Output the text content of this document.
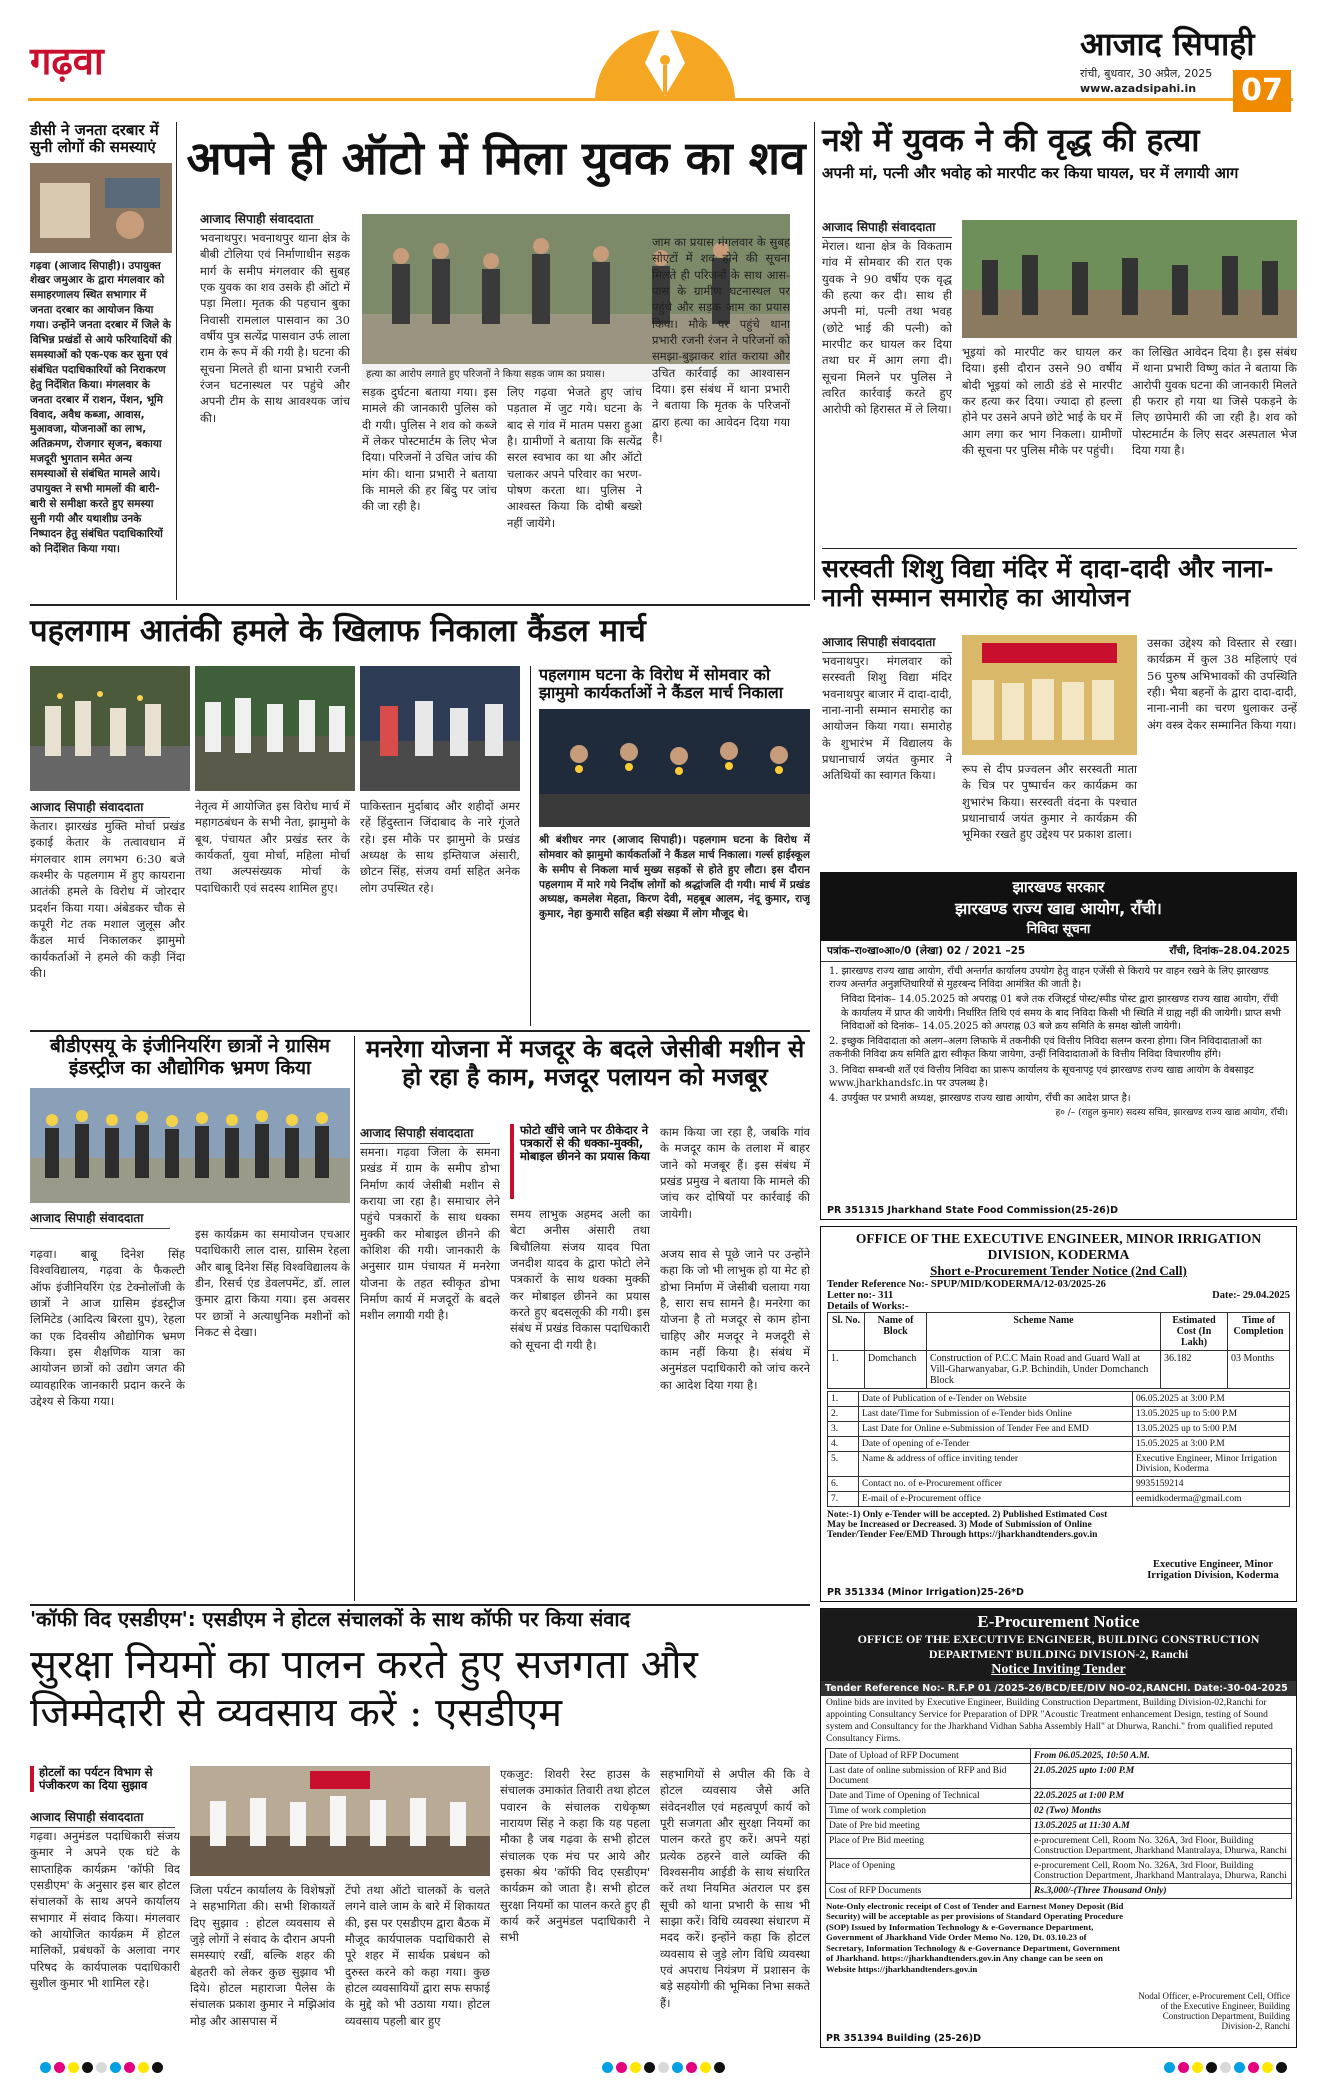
गढ़वा	आजाद सिपाही
रांची, बुधवार, 30 अप्रैल, 2025
www.azadsipahi.in 07
डीसी ने जनता दरबार में सुनी लोगों की समस्याएं
गढ़वा (आजाद सिपाही)। उपायुक्त शेखर जमुआर के द्वारा मंगलवार को समाहरणालय स्थित सभागार में जनता दरबार का आयोजन किया गया। उन्होंने जनता दरबार में जिले के विभिन्न प्रखंडों से आये फरियादियों की समस्याओं को एक-एक कर सुना एवं संबंधित पदाधिकारियों को निराकरण हेतु निर्देशित किया। मंगलवार के जनता दरबार में राशन, पेंशन, भूमि विवाद, अवैध कब्जा, आवास, मुआवजा, योजनाओं का लाभ, अतिक्रमण, रोजगार सृजन, बकाया मजदूरी भुगतान समेत अन्य समस्याओं से संबंधित मामले आये। उपायुक्त ने सभी मामलों की बारी-बारी से समीक्षा करते हुए समस्या सुनी गयी और यथाशीघ्र उनके निष्पादन हेतु संबंधित पदाधिकारियों को निर्देशित किया गया।
अपने ही ऑटो में मिला युवक का शव
आजाद सिपाही संवाददाता
भवनाथपुर। भवनाथपुर थाना क्षेत्र के बीबी टोलिया एवं निर्माणाधीन सड़क मार्ग के समीप मंगलवार की सुबह एक युवक का शव उसके ही ऑटो में पड़ा मिला। मृतक की पहचान बुका निवासी रामलाल पासवान का 30 वर्षीय पुत्र सत्येंद्र पासवान उर्फ लाला राम के रूप में की गयी है। घटना की सूचना मिलते ही थाना प्रभारी रजनी रंजन घटनास्थल पर पहुंचे और अपनी टीम के साथ आवश्यक जांच की।
हत्या का आरोप लगाते हुए परिजनों ने किया सड़क जाम का प्रयास।
सड़क दुर्घटना बताया गया। इस मामले की जानकारी पुलिस को दी गयी। पुलिस ने शव को कब्जे में लेकर पोस्टमार्टम के लिए भेज दिया। परिजनों ने उचित जांच की मांग की। थाना प्रभारी ने बताया कि मामले की हर बिंदु पर जांच की जा रही है।
लिए गढ़वा भेजते हुए जांच पड़ताल में जुट गये। घटना के बाद से गांव में मातम पसरा हुआ है। ग्रामीणों ने बताया कि सत्येंद्र सरल स्वभाव का था और ऑटो चलाकर अपने परिवार का भरण-पोषण करता था। पुलिस ने आश्वस्त किया कि दोषी बख्शे नहीं जायेंगे।
जाम का प्रयास मंगलवार के सुबह सोएटों में शव होने की सूचना मिलते ही परिजनों के साथ आस-पास के ग्रामीण घटनास्थल पर पहुंचे और सड़क जाम का प्रयास किया। मौके पर पहुंचे थाना प्रभारी रजनी रंजन ने परिजनों को समझा-बुझाकर शांत कराया और उचित कार्रवाई का आश्वासन दिया। इस संबंध में थाना प्रभारी ने बताया कि मृतक के परिजनों द्वारा हत्या का आवेदन दिया गया है।
नशे में युवक ने की वृद्ध की हत्या
अपनी मां, पत्नी और भवोह को मारपीट कर किया घायल, घर में लगायी आग
आजाद सिपाही संवाददाता
मेराल। थाना क्षेत्र के विकताम गांव में सोमवार की रात एक युवक ने 90 वर्षीय एक वृद्ध की हत्या कर दी। साथ ही अपनी मां, पत्नी तथा भवह (छोटे भाई की पत्नी) को मारपीट कर घायल कर दिया तथा घर में आग लगा दी। सूचना मिलने पर पुलिस ने त्वरित कार्रवाई करते हुए आरोपी को हिरासत में ले लिया।
भूइयां को मारपीट कर घायल कर दिया। इसी दौरान उसने 90 वर्षीय बोदी भूइयां को लाठी डंडे से मारपीट कर हत्या कर दिया। ज्यादा हो हल्ला होने पर उसने अपने छोटे भाई के घर में आग लगा कर भाग निकला। ग्रामीणों की सूचना पर पुलिस मौके पर पहुंची।
का लिखित आवेदन दिया है। इस संबंध में थाना प्रभारी विष्णु कांत ने बताया कि आरोपी युवक घटना की जानकारी मिलते ही फरार हो गया था जिसे पकड़ने के लिए छापेमारी की जा रही है। शव को पोस्टमार्टम के लिए सदर अस्पताल भेज दिया गया है।
सरस्वती शिशु विद्या मंदिर में दादा-दादी और नाना-नानी सम्मान समारोह का आयोजन
आजाद सिपाही संवाददाता
भवनाथपुर। मंगलवार को सरस्वती शिशु विद्या मंदिर भवनाथपुर बाजार में दादा-दादी, नाना-नानी सम्मान समारोह का आयोजन किया गया। समारोह के शुभारंभ में विद्यालय के प्रधानाचार्य जयंत कुमार ने अतिथियों का स्वागत किया।	रूप से दीप प्रज्वलन और सरस्वती माता के चित्र पर पुष्पार्चन कर कार्यक्रम का शुभारंभ किया। सरस्वती वंदना के पश्चात प्रधानाचार्य जयंत कुमार ने कार्यक्रम की भूमिका रखते हुए उद्देश्य पर प्रकाश डाला।
उसका उद्देश्य को विस्तार से रखा। कार्यक्रम में कुल 38 महिलाएं एवं 56 पुरुष अभिभावकों की उपस्थिति रही। भैया बहनों के द्वारा दादा-दादी, नाना-नानी का चरण धुलाकर उन्हें अंग वस्त्र देकर सम्मानित किया गया।
पहलगाम आतंकी हमले के खिलाफ निकाला कैंडल मार्च
आजाद सिपाही संवाददाता
केतार। झारखंड मुक्ति मोर्चा प्रखंड इकाई केतार के तत्वावधान में मंगलवार शाम लगभग 6:30 बजे कश्मीर के पहलगाम में हुए कायराना आतंकी हमले के विरोध में जोरदार प्रदर्शन किया गया। अंबेडकर चौक से कपूरी गेट तक मशाल जुलूस और कैंडल मार्च निकालकर झामुमो कार्यकर्ताओं ने हमले की कड़ी निंदा की।
नेतृत्व में आयोजित इस विरोध मार्च में महागठबंधन के सभी नेता, झामुमो के बूथ, पंचायत और प्रखंड स्तर के कार्यकर्ता, युवा मोर्चा, महिला मोर्चा तथा अल्पसंख्यक मोर्चा के पदाधिकारी एवं सदस्य शामिल हुए।
पाकिस्तान मुर्दाबाद और शहीदों अमर रहें हिंदुस्तान जिंदाबाद के नारे गूंजते रहे। इस मौके पर झामुमो के प्रखंड अध्यक्ष के साथ इम्तियाज अंसारी, छोटन सिंह, संजय वर्मा सहित अनेक लोग उपस्थित रहे।
पहलगाम घटना के विरोध में सोमवार को झामुमो कार्यकर्ताओं ने कैंडल मार्च निकाला
श्री बंशीधर नगर (आजाद सिपाही)। पहलगाम घटना के विरोध में सोमवार को झामुमो कार्यकर्ताओं ने कैंडल मार्च निकाला। गर्ल्स हाईस्कूल के समीप से निकला मार्च मुख्य सड़कों से होते हुए लौटा। इस दौरान पहलगाम में मारे गये निर्दोष लोगों को श्रद्धांजलि दी गयी। मार्च में प्रखंड अध्यक्ष, कमलेश मेहता, किरण देवी, महबूब आलम, नंदू कुमार, राजू कुमार, नेहा कुमारी सहित बड़ी संख्या में लोग मौजूद थे।
बीडीएसयू के इंजीनियरिंग छात्रों ने ग्रासिम इंडस्ट्रीज का औद्योगिक भ्रमण किया
आजाद सिपाही संवाददाता
गढ़वा। बाबू दिनेश सिंह विश्वविद्यालय, गढ़वा के फैकल्टी ऑफ इंजीनियरिंग एंड टेक्नोलॉजी के छात्रों ने आज ग्रासिम इंडस्ट्रीज लिमिटेड (आदित्य बिरला ग्रुप), रेहला का एक दिवसीय औद्योगिक भ्रमण किया। इस शैक्षणिक यात्रा का आयोजन छात्रों को उद्योग जगत की व्यावहारिक जानकारी प्रदान करने के उद्देश्य से किया गया।
इस कार्यक्रम का समायोजन एचआर पदाधिकारी लाल दास, ग्रासिम रेहला और बाबू दिनेश सिंह विश्वविद्यालय के डीन, रिसर्च एंड डेवलपमेंट, डॉ. लाल कुमार द्वारा किया गया। इस अवसर पर छात्रों ने अत्याधुनिक मशीनों को निकट से देखा।
मनरेगा योजना में मजदूर के बदले जेसीबी मशीन से हो रहा है काम, मजदूर पलायन को मजबूर
आजाद सिपाही संवाददाता
समना। गढ़वा जिला के समना प्रखंड में ग्राम के समीप डोभा निर्माण कार्य जेसीबी मशीन से कराया जा रहा है। समाचार लेने पहुंचे पत्रकारों के साथ धक्का मुक्की कर मोबाइल छीनने की कोशिश की गयी। जानकारी के अनुसार ग्राम पंचायत में मनरेगा योजना के तहत स्वीकृत डोभा निर्माण कार्य में मजदूरों के बदले मशीन लगायी गयी है।
फोटो खींचे जाने पर ठीकेदार ने पत्रकारों से की धक्का-मुक्की, मोबाइल छीनने का प्रयास किया
समय लाभुक अहमद अली का बेटा अनीस अंसारी तथा बिचौलिया संजय यादव पिता जनदीश यादव के द्वारा फोटो लेने पत्रकारों के साथ धक्का मुक्की कर मोबाइल छीनने का प्रयास करते हुए बदसलूकी की गयी। इस संबंध में प्रखंड विकास पदाधिकारी को सूचना दी गयी है।
काम किया जा रहा है, जबकि गांव के मजदूर काम के तलाश में बाहर जाने को मजबूर हैं। इस संबंध में प्रखंड प्रमुख ने बताया कि मामले की जांच कर दोषियों पर कार्रवाई की जायेगी।
अजय साव से पूछे जाने पर उन्होंने कहा कि जो भी लाभुक हो या मेट हो डोभा निर्माण में जेसीबी चलाया गया है, सारा सच सामने है। मनरेगा का योजना है तो मजदूर से काम होना चाहिए और मजदूर ने मजदूरी से काम नहीं किया है। संबंध में अनुमंडल पदाधिकारी को जांच करने का आदेश दिया गया है।
'कॉफी विद एसडीएम': एसडीएम ने होटल संचालकों के साथ कॉफी पर किया संवाद
सुरक्षा नियमों का पालन करते हुए सजगता और जिम्मेदारी से व्यवसाय करें : एसडीएम
होटलों का पर्यटन विभाग से पंजीकरण का दिया सुझाव
आजाद सिपाही संवाददाता
गढ़वा। अनुमंडल पदाधिकारी संजय कुमार ने अपने एक घंटे के साप्ताहिक कार्यक्रम 'कॉफी विद एसडीएम' के अनुसार इस बार होटल संचालकों के साथ अपने कार्यालय सभागार में संवाद किया। मंगलवार को आयोजित कार्यक्रम में होटल मालिकों, प्रबंधकों के अलावा नगर परिषद के कार्यपालक पदाधिकारी सुशील कुमार भी शामिल रहे।
जिला पर्यटन कार्यालय के विशेषज्ञों ने सहभागिता की। सभी शिकायतें दिए सुझाव : होटल व्यवसाय से जुड़े लोगों ने संवाद के दौरान अपनी समस्याएं रखीं, बल्कि शहर की बेहतरी को लेकर कुछ सुझाव भी दिये। होटल महाराजा पैलेस के संचालक प्रकाश कुमार ने मझिआंव मोड़ और आसपास में
टेंपो तथा ऑटो चालकों के चलते लगने वाले जाम के बारे में शिकायत की, इस पर एसडीएम द्वारा बैठक में मौजूद कार्यपालक पदाधिकारी से पूरे शहर में सार्थक प्रबंधन को दुरुस्त करने को कहा गया। कुछ होटल व्यवसायियों द्वारा सफ सफाई के मुद्दे को भी उठाया गया। होटल व्यवसाय पहली बार हुए
एकजुट: शिवरी रेस्ट हाउस के संचालक उमाकांत तिवारी तथा होटल पवारन के संचालक राधेकृष्ण नारायण सिंह ने कहा कि यह पहला मौका है जब गढ़वा के सभी होटल संचालक एक मंच पर आये और इसका श्रेय 'कॉफी विद एसडीएम' कार्यक्रम को जाता है। सभी होटल सुरक्षा नियमों का पालन करते हुए ही कार्य करें अनुमंडल पदाधिकारी ने सभी
सहभागियों से अपील की कि वे होटल व्यवसाय जैसे अति संवेदनशील एवं महत्वपूर्ण कार्य को पूरी सजगता और सुरक्षा नियमों का पालन करते हुए करें। अपने यहां प्रत्येक ठहरने वाले व्यक्ति की विश्वसनीय आईडी के साथ संधारित करें तथा नियमित अंतराल पर इस सूची को थाना प्रभारी के साथ भी साझा करें। विधि व्यवस्था संधारण में मदद करें। इन्होंने कहा कि होटल व्यवसाय से जुड़े लोग विधि व्यवस्था एवं अपराध नियंत्रण में प्रशासन के बड़े सहयोगी की भूमिका निभा सकते हैं।
झारखण्ड सरकार
झारखण्ड राज्य खाद्य आयोग, राँची।
निविदा सूचना
पत्रांक–रा०खा०आ०/0 (लेखा) 02 / 2021 –25	राँची, दिनांक–28.04.2025
1. झारखण्ड राज्य खाद्य आयोग, राँची अन्तर्गत कार्यालय उपयोग हेतु वाहन एजेंसी से किराये पर वाहन रखने के लिए झारखण्ड राज्य अन्तर्गत अनुज्ञप्तिधारियों से मुहरबन्द निविदा आमंत्रित की जाती है।
निविदा दिनांक– 14.05.2025 को अपराह्न 01 बजे तक रजिस्ट्रर्ड पोस्ट/स्पीड पोस्ट द्वारा झारखण्ड राज्य खाद्य आयोग, राँची के कार्यालय में प्राप्त की जायेगी। निर्धारित तिथि एवं समय के बाद निविदा किसी भी स्थिति में ग्राह्य नहीं की जायेगी। प्राप्त सभी निविदाओं को दिनांक– 14.05.2025 को अपराह्न 03 बजे क्रय समिति के समक्ष खोली जायेगी।
2. इच्छुक निविदादाता को अलग–अलग लिफाफे में तकनीकी एवं वित्तीय निविदा सलग्न करना होगा। जिन निविदादाताओं का तकनीकी निविदा क्रय समिति द्वारा स्वीकृत किया जायेगा, उन्हीं निविदादाताओं के वित्तीय निविदा विचारणीय होंगे।
3. निविदा सम्बन्धी शर्तें एवं वित्तीय निविदा का प्रारूप कार्यालय के सूचनापट्ट एवं झारखण्ड राज्य खाद्य आयोग के वेबसाइट www.jharkhandsfc.in पर उपलब्ध है।
4. उपर्युक्त पर प्रभारी अध्यक्ष, झारखण्ड राज्य खाद्य आयोग, राँची का आदेश प्राप्त है।
ह० /– (राहुल कुमार) सदस्य सचिव, झारखण्ड राज्य खाद्य आयोग, राँची।
PR 351315 Jharkhand State Food Commission(25-26)D
OFFICE OF THE EXECUTIVE ENGINEER, MINOR IRRIGATION DIVISION, KODERMA
Short e-Procurement Tender Notice (2nd Call)
Tender Reference No:- SPUP/MID/KODERMA/12-03/2025-26
Letter no:- 311	Date:- 29.04.2025
Details of Works:-
Sl. No.	Name of Block	Scheme Name	Estimated Cost (In Lakh)	Time of Completion
1.	Domchanch	Construction of P.C.C Main Road and Guard Wall at Vill-Gharwanyabar, G.P. Bchindih, Under Domchanch Block	36.182	03 Months
1.	Date of Publication of e-Tender on Website	06.05.2025 at 3:00 P.M
2.	Last date/Time for Submission of e-Tender bids Online	13.05.2025 up to 5:00 P.M
3.	Last Date for Online e-Submission of Tender Fee and EMD	13.05.2025 up to 5:00 P.M
4.	Date of opening of e-Tender	15.05.2025 at 3:00 P.M
5.	Name & address of office inviting tender	Executive Engineer, Minor Irrigation Division, Koderma
6.	Contact no. of e-Procurement officer	9935159214
7.	E-mail of e-Procurement office	eemidkoderma@gmail.com
Note:-1) Only e-Tender will be accepted. 2) Published Estimated Cost May be Increased or Decreased. 3) Mode of Submission of Online Tender/Tender Fee/EMD Through https://jharkhandtenders.gov.in
Executive Engineer, Minor Irrigation Division, Koderma
PR 351334 (Minor Irrigation)25-26*D
E-Procurement Notice
OFFICE OF THE EXECUTIVE ENGINEER, BUILDING CONSTRUCTION DEPARTMENT BUILDING DIVISION-2, Ranchi
Notice Inviting Tender
Tender Reference No:- R.F.P 01 /2025-26/BCD/EE/DIV NO-02,RANCHI. Date:-30-04-2025
Online bids are invited by Executive Engineer, Building Construction Department, Building Division-02,Ranchi for appointing Consultancy Service for Preparation of DPR "Acoustic Treatment enhancement Design, testing of Sound system and Consultancy for the Jharkhand Vidhan Sabha Assembly Hall" at Dhurwa, Ranchi." from qualified reputed Consultancy Firms.
Date of Upload of RFP Document	From 06.05.2025, 10:50 A.M.
Last date of online submission of RFP and Bid Document	21.05.2025 upto 1:00 P.M
Date and Time of Opening of Technical	22.05.2025 at 1:00 P.M
Time of work completion	02 (Two) Months
Date of Pre bid meeting	13.05.2025 at 11:30 A.M
Place of Pre Bid meeting	e-procurement Cell, Room No. 326A, 3rd Floor, Building Construction Department, Jharkhand Mantralaya, Dhurwa, Ranchi
Place of Opening	e-procurement Cell, Room No. 326A, 3rd Floor, Building Construction Department, Jharkhand Mantralaya, Dhurwa, Ranchi
Cost of RFP Documents	Rs.3,000/-(Three Thousand Only)
Note-Only electronic receipt of Cost of Tender and Earnest Money Deposit (Bid Security) will be acceptable as per provisions of Standard Operating Procedure (SOP) Issued by Information Technology & e-Governance Department, Government of Jharkhand Vide Order Memo No. 120, Dt. 03.10.23 of Secretary, Information Technology & e-Governance Department, Government of Jharkhand. https://jharkhandtenders.gov.in Any change can be seen on Website https://jharkhandtenders.gov.in
Nodal Officer, e-Procurement Cell, Office of the Executive Engineer, Building Construction Department, Building Division-2, Ranchi
PR 351394 Building (25-26)D
